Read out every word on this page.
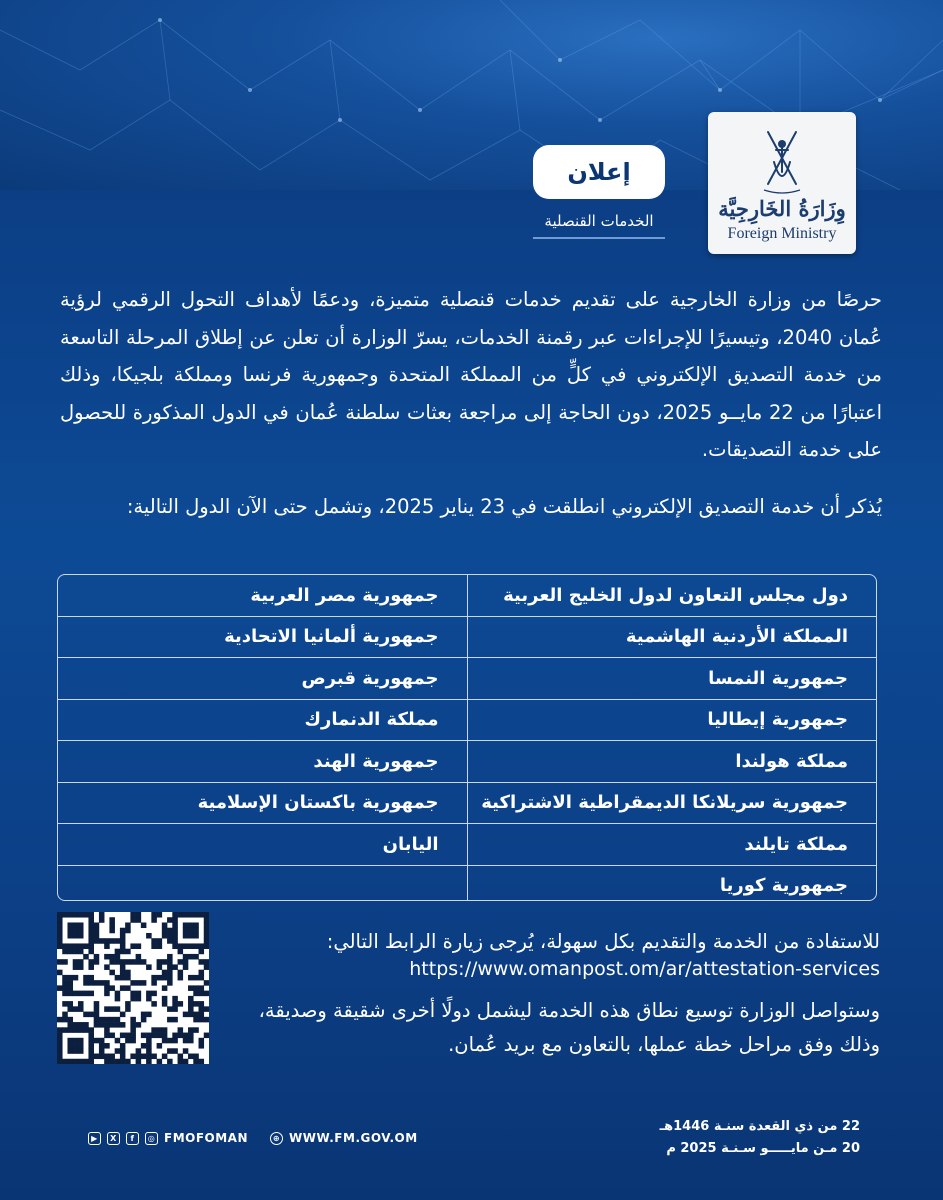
وِزَارَةُ الخَارِجِيَّة
Foreign Ministry
إعلان
الخدمات القنصلية
حرصًا من وزارة الخارجية على تقديم خدمات قنصلية متميزة، ودعمًا لأهداف التحول الرقمي لرؤية عُمان 2040، وتيسيرًا للإجراءات عبر رقمنة الخدمات، يسرّ الوزارة أن تعلن عن إطلاق المرحلة التاسعة من خدمة التصديق الإلكتروني في كلٍّ من المملكة المتحدة وجمهورية فرنسا ومملكة بلجيكا، وذلك اعتبارًا من 22 مايــو 2025، دون الحاجة إلى مراجعة بعثات سلطنة عُمان في الدول المذكورة للحصول على خدمة التصديقات.
يُذكر أن خدمة التصديق الإلكتروني انطلقت في 23 يناير 2025، وتشمل حتى الآن الدول التالية:
دول مجلس التعاون لدول الخليج العربية	جمهورية مصر العربية
المملكة الأردنية الهاشمية	جمهورية ألمانيا الاتحادية
جمهورية النمسا	جمهورية قبرص
جمهورية إيطاليا	مملكة الدنمارك
مملكة هولندا	جمهورية الهند
جمهورية سريلانكا الديمقراطية الاشتراكية	جمهورية باكستان الإسلامية
مملكة تايلند	اليابان
جمهورية كوريا	
للاستفادة من الخدمة والتقديم بكل سهولة، يُرجى زيارة الرابط التالي:
https://www.omanpost.om/ar/attestation-services
وستواصل الوزارة توسيع نطاق هذه الخدمة ليشمل دولًا أخرى شقيقة وصديقة، وذلك وفق مراحل خطة عملها، بالتعاون مع بريد عُمان.
22 من ذي القعدة سنـة 1446هـ
20 مـن مايـــــو سـنـة 2025 م
▶	X	f	◎ FMOFOMAN	⊕ WWW.FM.GOV.OM
